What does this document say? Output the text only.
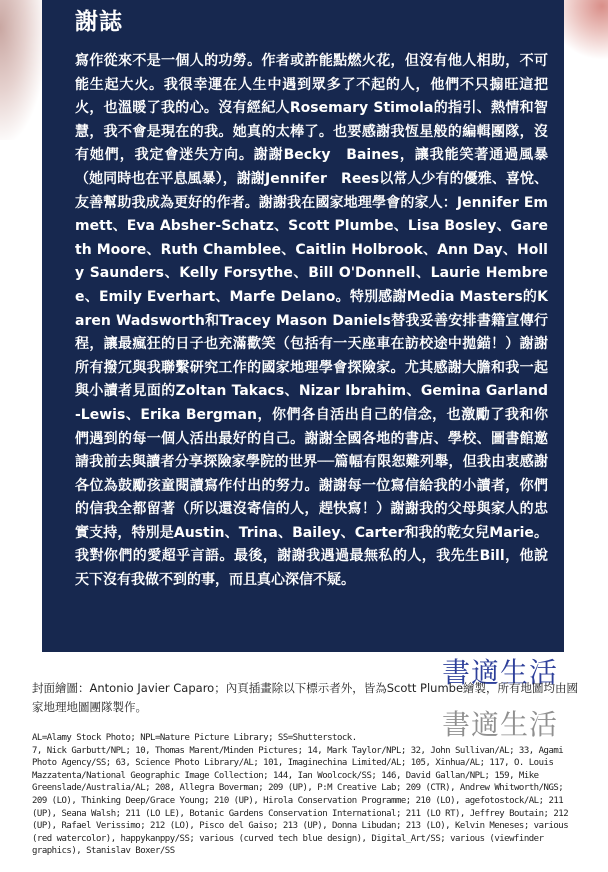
謝誌

寫作從來不是一個人的功勞。作者或許能點燃火花，但沒有他人相助，不可能生起大火。我很幸運在人生中遇到眾多了不起的人，他們不只搧旺這把火，也溫暖了我的心。沒有經紀人Rosemary Stimola的指引、熱情和智慧，我不會是現在的我。她真的太棒了。也要感謝我恆星般的編輯團隊，沒有她們，我定會迷失方向。謝謝Becky　Baines，讓我能笑著通過風暴（她同時也在平息風暴），謝謝Jennifer　Rees以常人少有的優雅、喜悅、友善幫助我成為更好的作者。謝謝我在國家地理學會的家人：Jennifer Emmett、Eva Absher-Schatz、Scott Plumbe、Lisa Bosley、Gareth Moore、Ruth Chamblee、Caitlin Holbrook、Ann Day、Holly Saunders、Kelly Forsythe、Bill O'Donnell、Laurie Hembree、Emily Everhart、Marfe Delano。特別感謝Media Masters的Karen Wadsworth和Tracey Mason Daniels替我妥善安排書籍宣傳行程，讓最瘋狂的日子也充滿歡笑（包括有一天座車在訪校途中拋錨！）謝謝所有撥冗與我聯繫研究工作的國家地理學會探險家。尤其感謝大膽和我一起與小讀者見面的Zoltan Takacs、Nizar Ibrahim、Gemina Garland-Lewis、Erika Bergman，你們各自活出自己的信念，也激勵了我和你們遇到的每一個人活出最好的自己。謝謝全國各地的書店、學校、圖書館邀請我前去與讀者分享探險家學院的世界──篇幅有限恕難列舉，但我由衷感謝各位為鼓勵孩童閱讀寫作付出的努力。謝謝每一位寫信給我的小讀者，你們的信我全都留著（所以還沒寄信的人，趕快寫！）謝謝我的父母與家人的忠實支持，特別是Austin、Trina、Bailey、Carter和我的乾女兒Marie。我對你們的愛超乎言語。最後，謝謝我遇過最無私的人，我先生Bill，他說天下沒有我做不到的事，而且真心深信不疑。

書適生活
書適生活

封面繪圖：Antonio Javier Caparo；內頁插畫除以下標示者外，皆為Scott Plumbe繪製，所有地圖均由國家地理地圖團隊製作。

AL=Alamy Stock Photo; NPL=Nature Picture Library; SS=Shutterstock.

7, Nick Garbutt/NPL; 10, Thomas Marent/Minden Pictures; 14, Mark Taylor/NPL; 32, John Sullivan/AL; 33, Agami Photo Agency/SS; 63, Science Photo Library/AL; 101, Imaginechina Limited/AL; 105, Xinhua/AL; 117, O. Louis Mazzatenta/National Geographic Image Collection; 144, Ian Woolcock/SS; 146, David Gallan/NPL; 159, Mike Greenslade/Australia/AL; 208, Allegra Boverman; 209 (UP), P:M Creative Lab; 209 (CTR), Andrew Whitworth/NGS; 209 (LO), Thinking Deep/Grace Young; 210 (UP), Hirola Conservation Programme; 210 (LO), agefotostock/AL; 211 (UP), Seana Walsh; 211 (LO LE), Botanic Gardens Conservation International; 211 (LO RT), Jeffrey Boutain; 212 (UP), Rafael Verissimo; 212 (LO), Pisco del Gaiso; 213 (UP), Donna Libudan; 213 (LO), Kelvin Meneses; various (red watercolor), happykanppy/SS; various (curved tech blue design), Digital_Art/SS; various (viewfinder graphics), Stanislav Boxer/SS
